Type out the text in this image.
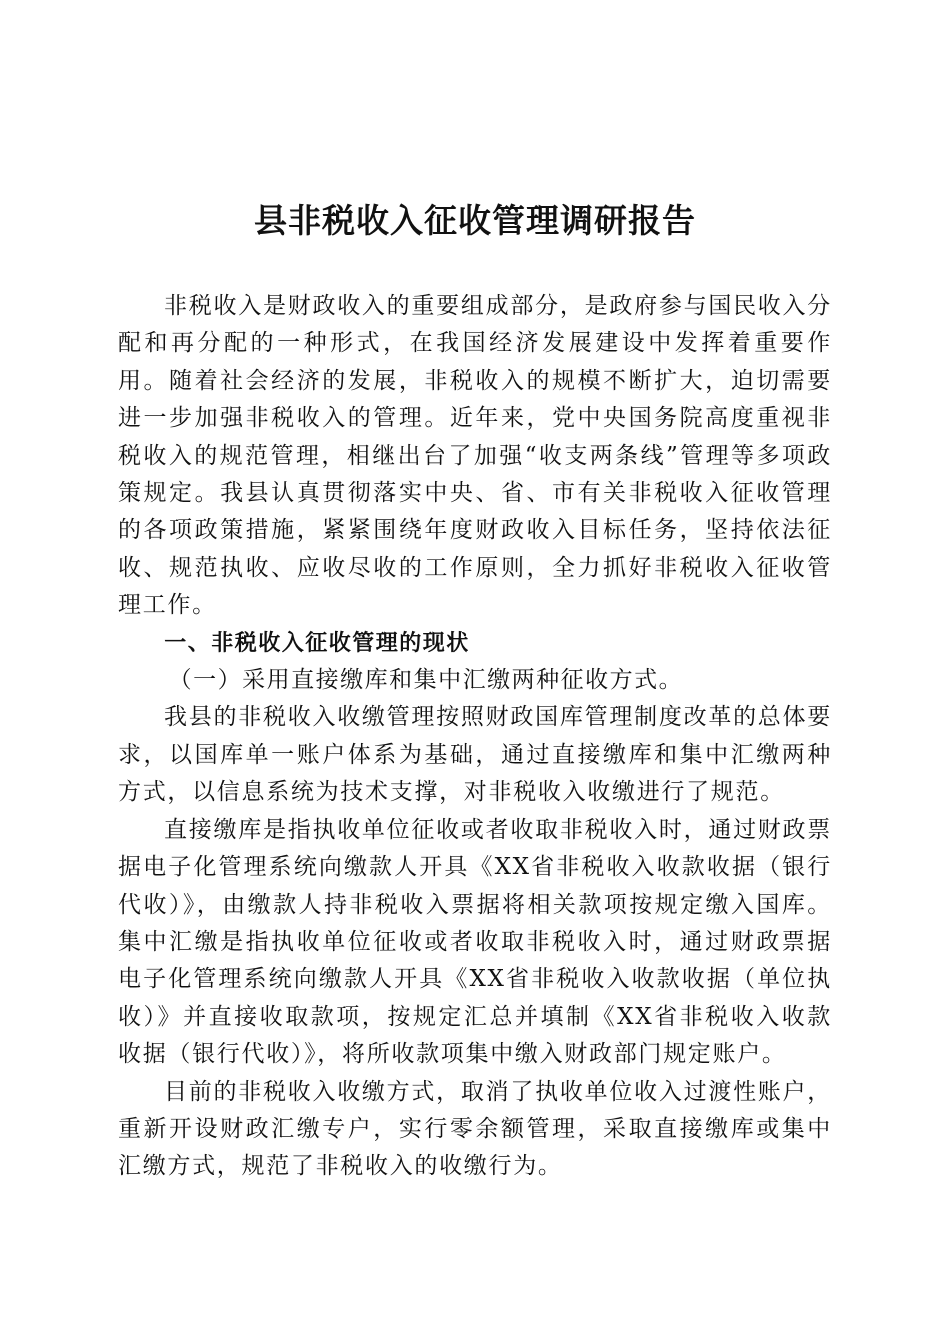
县非税收入征收管理调研报告

非税收入是财政收入的重要组成部分，是政府参与国民收入分配和再分配的一种形式，在我国经济发展建设中发挥着重要作用。随着社会经济的发展，非税收入的规模不断扩大，迫切需要进一步加强非税收入的管理。近年来，党中央国务院高度重视非税收入的规范管理，相继出台了加强“收支两条线”管理等多项政策规定。我县认真贯彻落实中央、省、市有关非税收入征收管理的各项政策措施，紧紧围绕年度财政收入目标任务，坚持依法征收、规范执收、应收尽收的工作原则，全力抓好非税收入征收管理工作。

一、非税收入征收管理的现状

（一）采用直接缴库和集中汇缴两种征收方式。

我县的非税收入收缴管理按照财政国库管理制度改革的总体要求，以国库单一账户体系为基础，通过直接缴库和集中汇缴两种方式，以信息系统为技术支撑，对非税收入收缴进行了规范。

直接缴库是指执收单位征收或者收取非税收入时，通过财政票据电子化管理系统向缴款人开具《XX省非税收入收款收据（银行代收）》，由缴款人持非税收入票据将相关款项按规定缴入国库。集中汇缴是指执收单位征收或者收取非税收入时，通过财政票据电子化管理系统向缴款人开具《XX省非税收入收款收据（单位执收）》并直接收取款项，按规定汇总并填制《XX省非税收入收款收据（银行代收）》，将所收款项集中缴入财政部门规定账户。

目前的非税收入收缴方式，取消了执收单位收入过渡性账户，重新开设财政汇缴专户，实行零余额管理，采取直接缴库或集中汇缴方式，规范了非税收入的收缴行为。
